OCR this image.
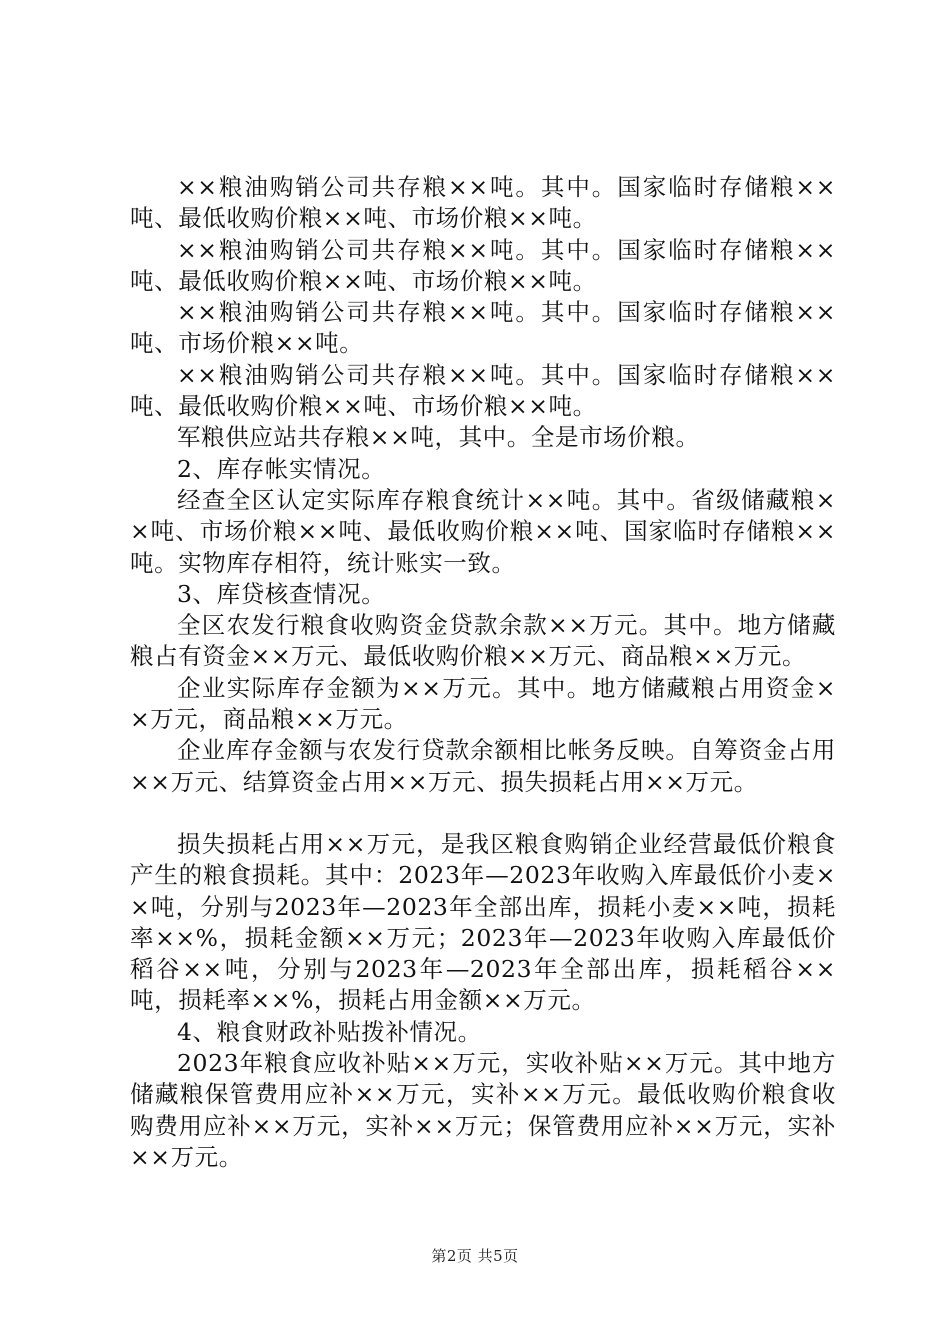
××粮油购销公司共存粮××吨。其中。国家临时存储粮××吨、最低收购价粮××吨、市场价粮××吨。

××粮油购销公司共存粮××吨。其中。国家临时存储粮××吨、最低收购价粮××吨、市场价粮××吨。

××粮油购销公司共存粮××吨。其中。国家临时存储粮××吨、市场价粮××吨。

××粮油购销公司共存粮××吨。其中。国家临时存储粮××吨、最低收购价粮××吨、市场价粮××吨。

军粮供应站共存粮××吨，其中。全是市场价粮。

2、库存帐实情况。

经查全区认定实际库存粮食统计××吨。其中。省级储藏粮××吨、市场价粮××吨、最低收购价粮××吨、国家临时存储粮××吨。实物库存相符，统计账实一致。

3、库贷核查情况。

全区农发行粮食收购资金贷款余款××万元。其中。地方储藏粮占有资金××万元、最低收购价粮××万元、商品粮××万元。

企业实际库存金额为××万元。其中。地方储藏粮占用资金××万元，商品粮××万元。

企业库存金额与农发行贷款余额相比帐务反映。自筹资金占用××万元、结算资金占用××万元、损失损耗占用××万元。

损失损耗占用××万元，是我区粮食购销企业经营最低价粮食产生的粮食损耗。其中：2023年—2023年收购入库最低价小麦××吨，分别与2023年—2023年全部出库，损耗小麦××吨，损耗率××%，损耗金额××万元；2023年—2023年收购入库最低价稻谷××吨，分别与2023年—2023年全部出库，损耗稻谷××吨，损耗率××%，损耗占用金额××万元。

4、粮食财政补贴拨补情况。

2023年粮食应收补贴××万元，实收补贴××万元。其中地方储藏粮保管费用应补××万元，实补××万元。最低收购价粮食收购费用应补××万元，实补××万元；保管费用应补××万元，实补××万元。

第2页 共5页
